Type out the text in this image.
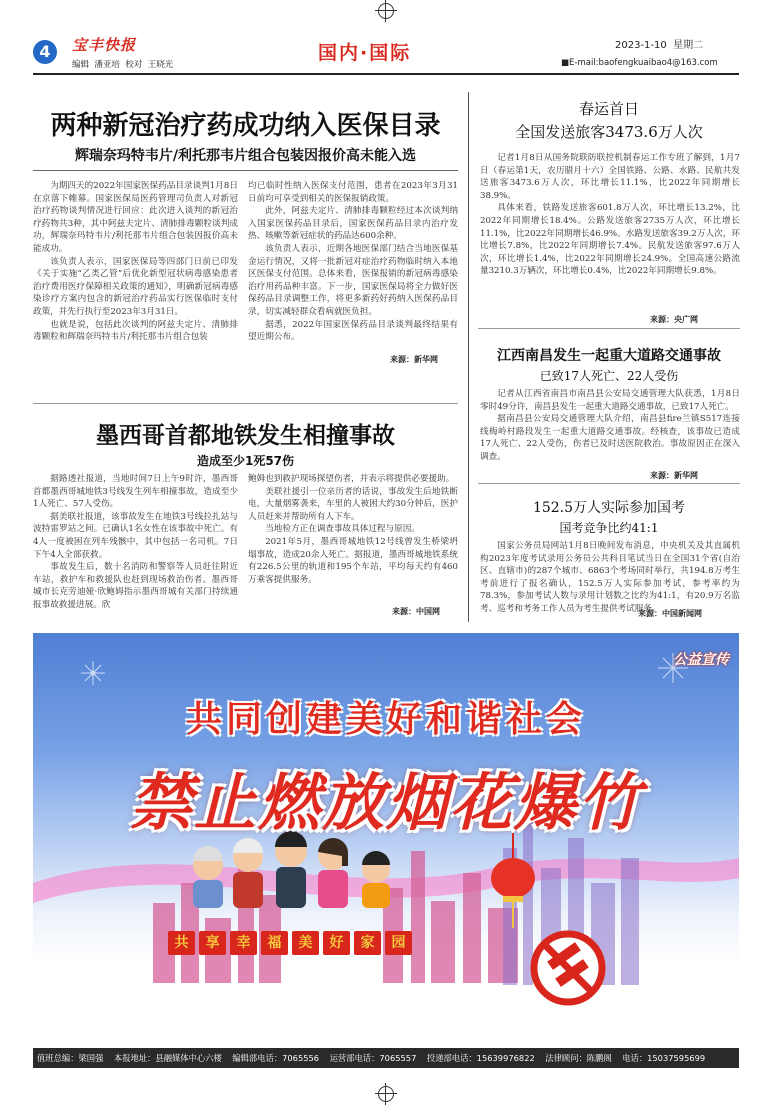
4	宝丰快报
编辑  潘亚培  校对  王晓光
国内·国际	2023-1-10  星期二
■E-mail:baofengkuaibao4@163.com
两种新冠治疗药成功纳入医保目录
辉瑞奈玛特韦片/利托那韦片组合包装因报价高未能入选

为期四天的2022年国家医保药品目录谈判1月8日在京落下帷幕。国家医保局医药管理司负责人对新冠治疗药物谈判情况进行回应：此次进入谈判的新冠治疗药物共3种，其中阿兹夫定片、清肺排毒颗粒谈判成功，辉瑞奈玛特韦片/利托那韦片组合包装因报价高未能成功。

该负责人表示，国家医保局等四部门日前已印发《关于实施“乙类乙管”后优化新型冠状病毒感染患者治疗费用医疗保障相关政策的通知》，明确新冠病毒感染诊疗方案内包含的新冠治疗药品实行医保临时支付政策，并先行执行至2023年3月31日。

也就是说，包括此次谈判的阿兹夫定片、清肺排毒颗粒和辉瑞奈玛特韦片/利托那韦片组合包装

均已临时性纳入医保支付范围，患者在2023年3月31日前均可享受到相关的医保报销政策。

此外，阿兹夫定片、清肺排毒颗粒经过本次谈判纳入国家医保药品目录后，国家医保药品目录内治疗发热、咳嗽等新冠症状的药品达600余种。

该负责人表示，近期各地医保部门结合当地医保基金运行情况，又将一批新冠对症治疗药物临时纳入本地区医保支付范围。总体来看，医保报销的新冠病毒感染治疗用药品种丰富。下一步，国家医保局将全力做好医保药品目录调整工作，将更多新药好药纳入医保药品目录，切实减轻群众看病就医负担。

据悉，2022年国家医保药品目录谈判最终结果有望近期公布。

来源：新华网
墨西哥首都地铁发生相撞事故
造成至少1死57伤

据路透社报道，当地时间7日上午9时许，墨西哥首都墨西哥城地铁3号线发生列车相撞事故，造成至少1人死亡、57人受伤。

据美联社报道，该事故发生在地铁3号线拉扎站与波特雷罗站之间。已确认1名女性在该事故中死亡。有4人一度被困在列车残骸中，其中包括一名司机。7日下午4人全部获救。

事故发生后，数十名消防和警察等人员赶往附近车站，救护车和救援队也赶到现场救治伤者。墨西哥城市长克劳迪娅·欣鲍姆指示墨西哥城有关部门持续通报事故救援进展。欣

鲍姆也到救护现场探望伤者，并表示将提供必要援助。

美联社援引一位亲历者的话说，事故发生后地铁断电，大量烟雾袭来，车里的人被困大约30分钟后，医护人员赶来并帮助所有人下车。

当地检方正在调查事故具体过程与原因。

2021年5月，墨西哥城地铁12号线曾发生桥梁坍塌事故，造成20余人死亡。据报道，墨西哥城地铁系统有226.5公里的轨道和195个车站，平均每天约有460万乘客提供服务。

来源：中国网
春运首日
全国发送旅客3473.6万人次

记者1月8日从国务院联防联控机制春运工作专班了解到，1月7日（春运第1天，农历腊月十六）全国铁路、公路、水路、民航共发送旅客3473.6万人次，环比增长11.1%，比2022年同期增长38.9%。

具体来看，铁路发送旅客601.8万人次，环比增长13.2%，比2022年同期增长18.4%。公路发送旅客2735万人次，环比增长11.1%，比2022年同期增长46.9%。水路发送旅客39.2万人次，环比增长7.8%，比2022年同期增长7.4%。民航发送旅客97.6万人次，环比增长1.4%，比2022年同期增长24.9%。全国高速公路流量3210.3万辆次，环比增长0.4%，比2022年同期增长9.8%。

来源：央广网
江西南昌发生一起重大道路交通事故
已致17人死亡、22人受伤

记者从江西省南昌市南昌县公安局交通管理大队获悉，1月8日零时49分许，南昌县发生一起重大道路交通事故，已致17人死亡。

据南昌县公安局交通管理大队介绍，南昌县fire兰镇S517连接线梅岭村路段发生一起重大道路交通事故。经核查，该事故已造成17人死亡、22人受伤，伤者已及时送医院救治。事故原因正在深入调查。

来源：新华网
152.5万人实际参加国考
国考竞争比约41:1

国家公务员局网站1月8日晚间发布消息，中央机关及其直属机构2023年度考试录用公务员公共科目笔试当日在全国31个省(自治区、直辖市)的287个城市、6863个考场同时举行，共194.8万考生考前进行了报名确认，152.5万人实际参加考试，参考率约为78.3%，参加考试人数与录用计划数之比约为41:1，有20.9万名监考、巡考和考务工作人员为考生提供考试服务。

来源：中国新闻网
公益宣传
共同创建美好和谐社会
禁止燃放烟花爆竹
共	享	幸	福	美	好	家	园
值班总编：梁国强    本报地址：县融媒体中心六楼    编辑部电话：7065556    运营部电话：7065557    投递部电话：15639976822    法律顾问：陈鹏阁    电话：15037595699
